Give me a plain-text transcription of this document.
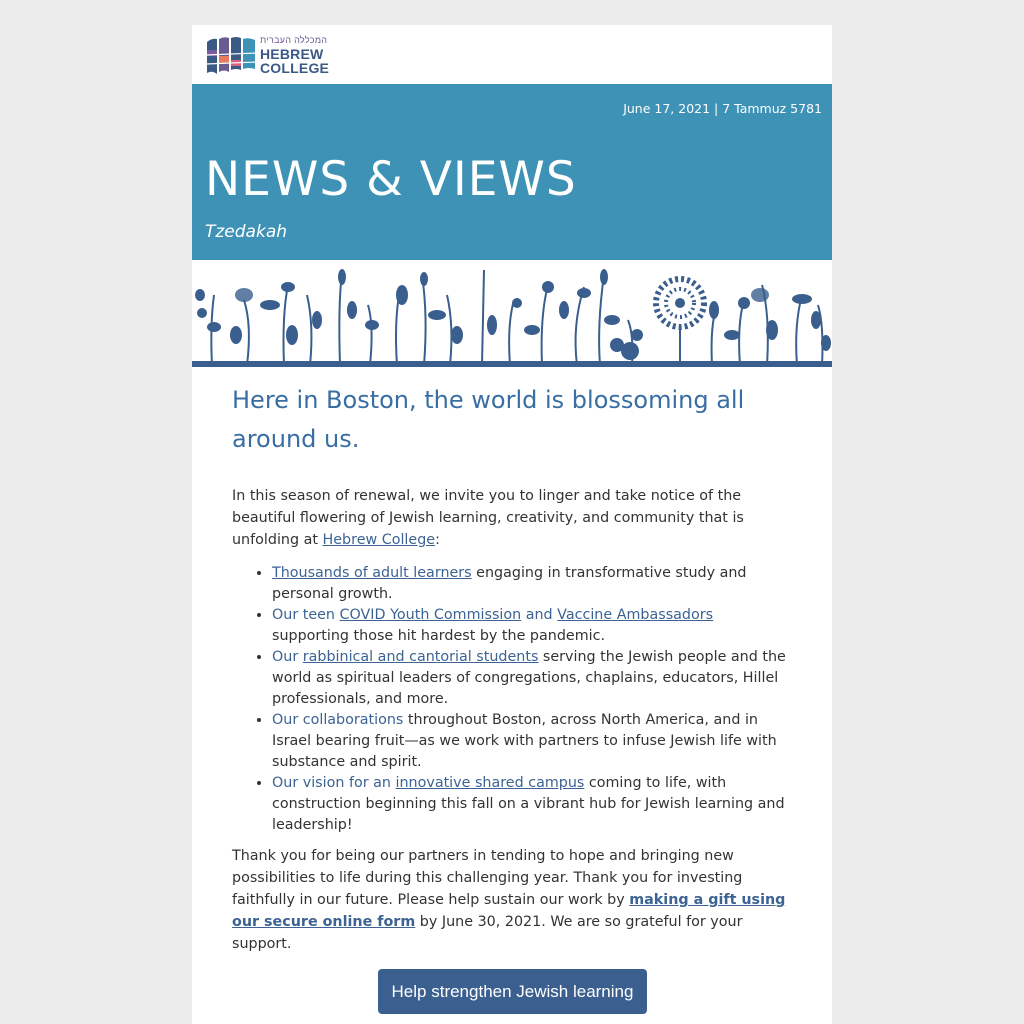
המכללה העברית
HEBREW
COLLEGE
June 17, 2021 | 7 Tammuz 5781
NEWS & VIEWS
Tzedakah
Here in Boston, the world is blossoming all around us.

In this season of renewal, we invite you to linger and take notice of the beautiful flowering of Jewish learning, creativity, and community that is unfolding at Hebrew College:

• Thousands of adult learners engaging in transformative study and personal growth.
• Our teen COVID Youth Commission and Vaccine Ambassadors supporting those hit hardest by the pandemic.
• Our rabbinical and cantorial students serving the Jewish people and the world as spiritual leaders of congregations, chaplains, educators, Hillel professionals, and more.
• Our collaborations throughout Boston, across North America, and in Israel bearing fruit—as we work with partners to infuse Jewish life with substance and spirit.
• Our vision for an innovative shared campus coming to life, with construction beginning this fall on a vibrant hub for Jewish learning and leadership!

Thank you for being our partners in tending to hope and bringing new possibilities to life during this challenging year. Thank you for investing faithfully in our future. Please help sustain our work by making a gift using our secure online form by June 30, 2021. We are so grateful for your support.

Help strengthen Jewish learning
